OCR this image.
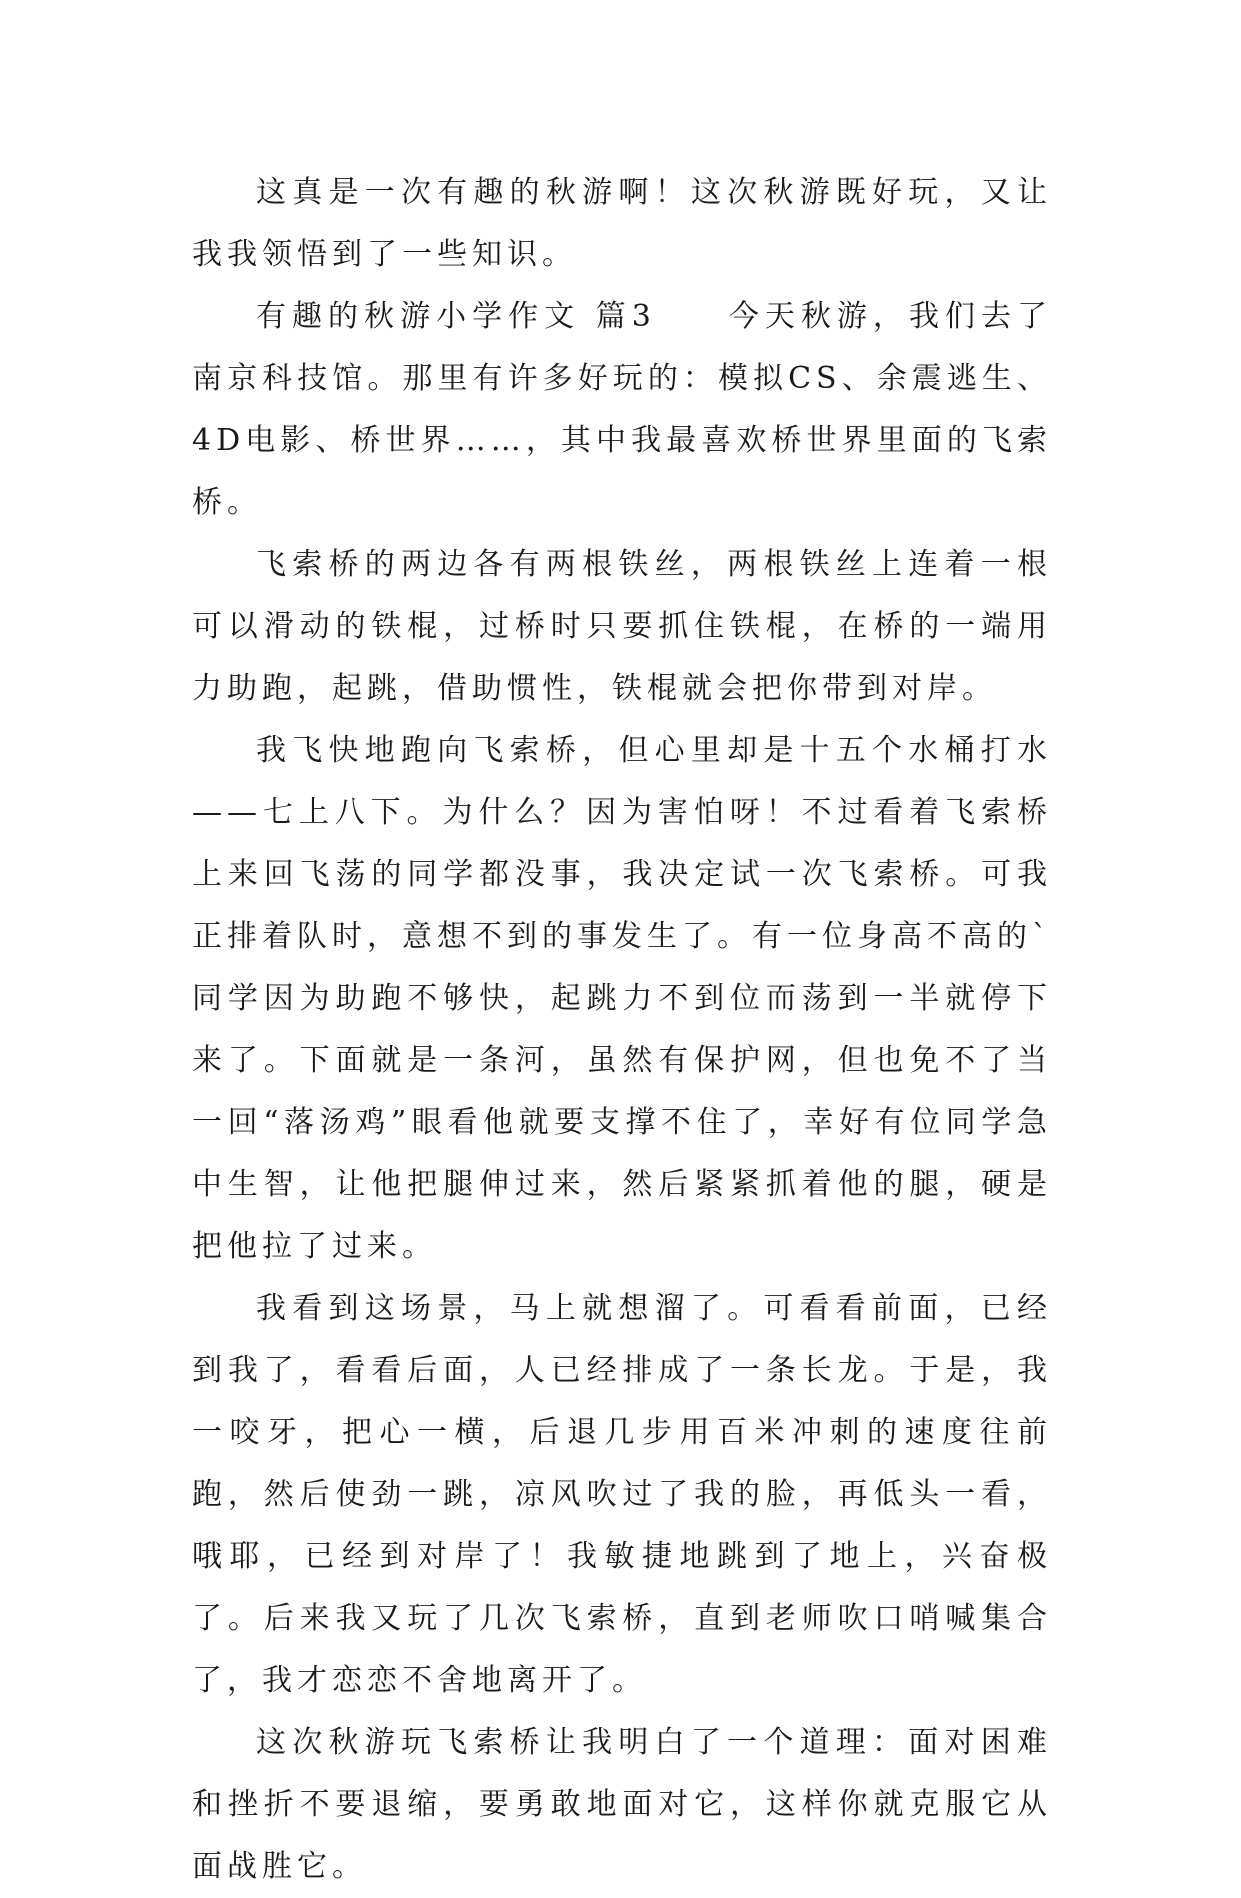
这真是一次有趣的秋游啊！这次秋游既好玩，又让我我领悟到了一些知识。

有趣的秋游小学作文 篇3　　今天秋游，我们去了南京科技馆。那里有许多好玩的：模拟CS、余震逃生、4D电影、桥世界……，其中我最喜欢桥世界里面的飞索桥。

飞索桥的两边各有两根铁丝，两根铁丝上连着一根可以滑动的铁棍，过桥时只要抓住铁棍，在桥的一端用力助跑，起跳，借助惯性，铁棍就会把你带到对岸。

我飞快地跑向飞索桥，但心里却是十五个水桶打水——七上八下。为什么？因为害怕呀！不过看着飞索桥上来回飞荡的同学都没事，我决定试一次飞索桥。可我正排着队时，意想不到的事发生了。有一位身高不高的`同学因为助跑不够快，起跳力不到位而荡到一半就停下来了。下面就是一条河，虽然有保护网，但也免不了当一回“落汤鸡”眼看他就要支撑不住了，幸好有位同学急中生智，让他把腿伸过来，然后紧紧抓着他的腿，硬是把他拉了过来。

我看到这场景，马上就想溜了。可看看前面，已经到我了，看看后面，人已经排成了一条长龙。于是，我一咬牙，把心一横，后退几步用百米冲刺的速度往前跑，然后使劲一跳，凉风吹过了我的脸，再低头一看，哦耶，已经到对岸了！我敏捷地跳到了地上，兴奋极了。后来我又玩了几次飞索桥，直到老师吹口哨喊集合了，我才恋恋不舍地离开了。

这次秋游玩飞索桥让我明白了一个道理：面对困难和挫折不要退缩，要勇敢地面对它，这样你就克服它从面战胜它。
